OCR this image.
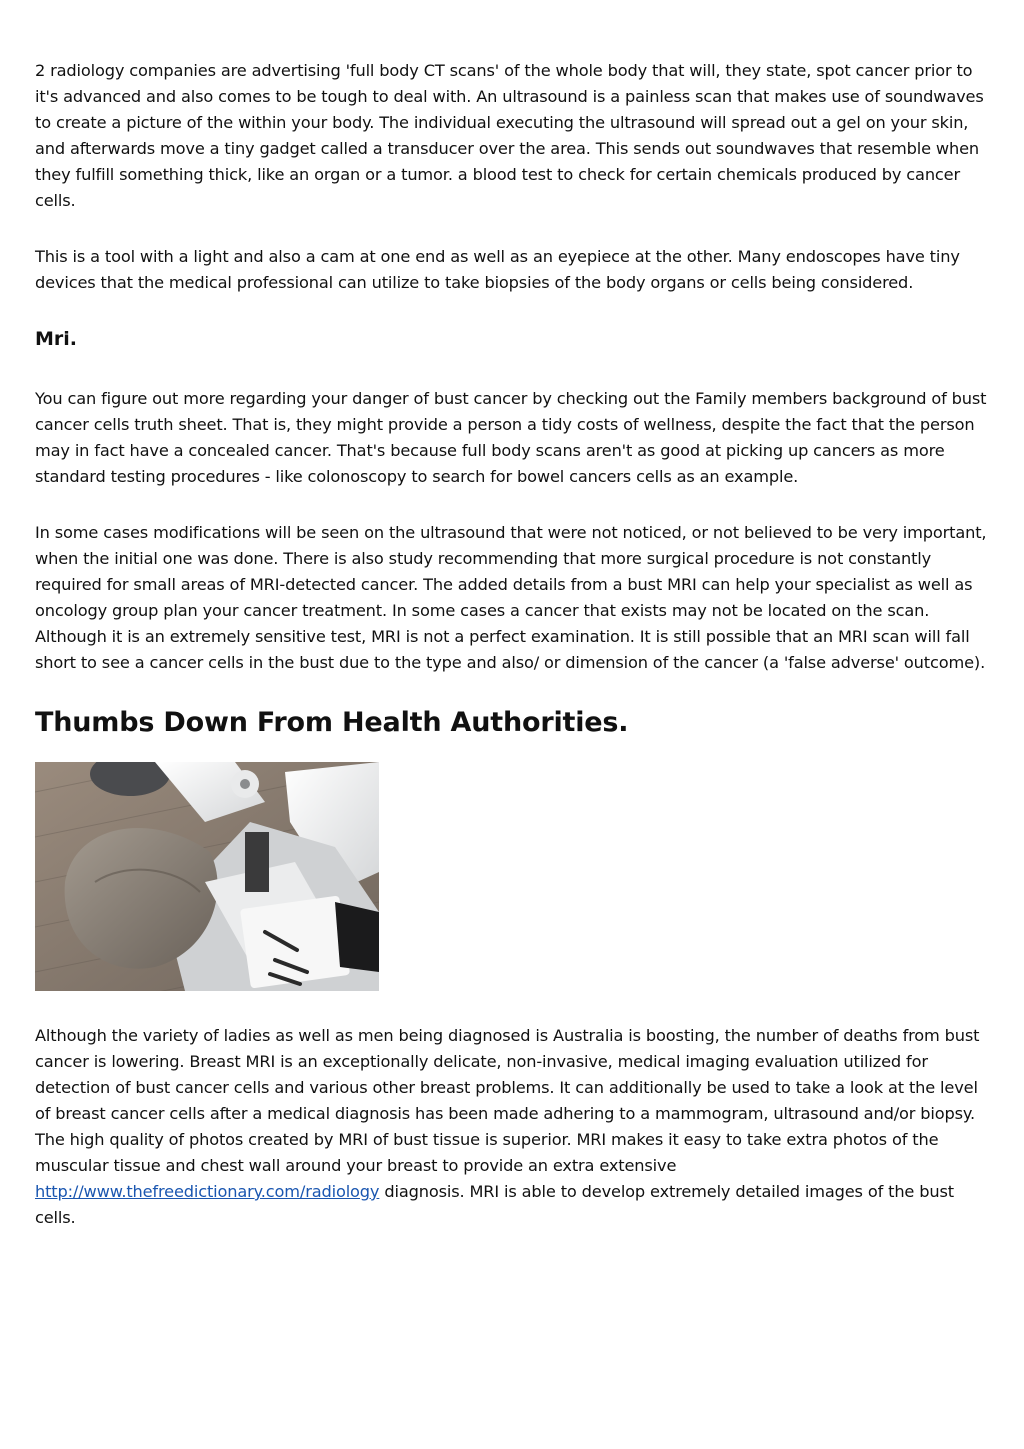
2 radiology companies are advertising 'full body CT scans' of the whole body that will, they state, spot cancer prior to it's advanced and also comes to be tough to deal with. An ultrasound is a painless scan that makes use of soundwaves to create a picture of the within your body. The individual executing the ultrasound will spread out a gel on your skin, and afterwards move a tiny gadget called a transducer over the area. This sends out soundwaves that resemble when they fulfill something thick, like an organ or a tumor. a blood test to check for certain chemicals produced by cancer cells.

This is a tool with a light and also a cam at one end as well as an eyepiece at the other. Many endoscopes have tiny devices that the medical professional can utilize to take biopsies of the body organs or cells being considered.

Mri.

You can figure out more regarding your danger of bust cancer by checking out the Family members background of bust cancer cells truth sheet. That is, they might provide a person a tidy costs of wellness, despite the fact that the person may in fact have a concealed cancer. That's because full body scans aren't as good at picking up cancers as more standard testing procedures - like colonoscopy to search for bowel cancers cells as an example.

In some cases modifications will be seen on the ultrasound that were not noticed, or not believed to be very important, when the initial one was done. There is also study recommending that more surgical procedure is not constantly required for small areas of MRI-detected cancer. The added details from a bust MRI can help your specialist as well as oncology group plan your cancer treatment. In some cases a cancer that exists may not be located on the scan. Although it is an extremely sensitive test, MRI is not a perfect examination. It is still possible that an MRI scan will fall short to see a cancer cells in the bust due to the type and also/ or dimension of the cancer (a 'false adverse' outcome).

Thumbs Down From Health Authorities.

Although the variety of ladies as well as men being diagnosed is Australia is boosting, the number of deaths from bust cancer is lowering. Breast MRI is an exceptionally delicate, non-invasive, medical imaging evaluation utilized for detection of bust cancer cells and various other breast problems. It can additionally be used to take a look at the level of breast cancer cells after a medical diagnosis has been made adhering to a mammogram, ultrasound and/or biopsy. The high quality of photos created by MRI of bust tissue is superior. MRI makes it easy to take extra photos of the muscular tissue and chest wall around your breast to provide an extra extensive http://www.thefreedictionary.com/radiology diagnosis. MRI is able to develop extremely detailed images of the bust cells.
